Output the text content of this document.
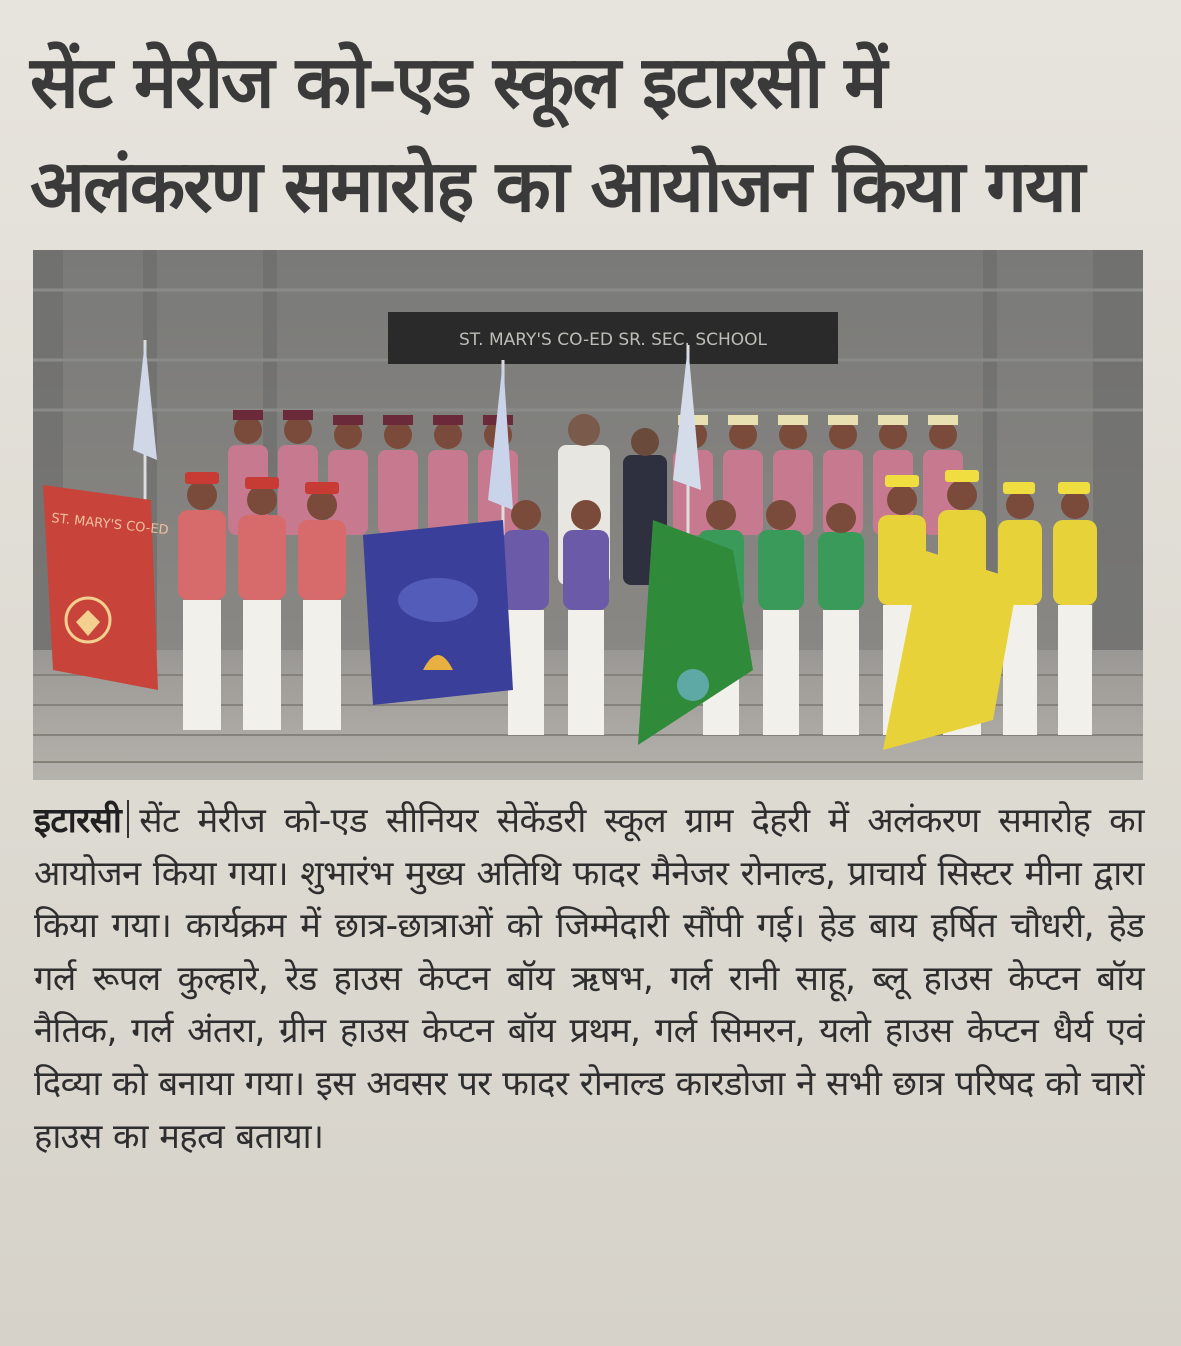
सेंट मेरीज को-एड स्कूल इटारसी में
अलंकरण समारोह का आयोजन किया गया
ST. MARY'S CO-ED SR. SEC. SCHOOL
ST. MARY'S CO-ED
इटारसी सेंट मेरीज को-एड सीनियर सेकेंडरी स्कूल ग्राम देहरी में अलंकरण समारोह का आयोजन किया गया। शुभारंभ मुख्य अतिथि फादर मैनेजर रोनाल्ड, प्राचार्य सिस्टर मीना द्वारा किया गया। कार्यक्रम में छात्र-छात्राओं को जिम्मेदारी सौंपी गई। हेड बाय हर्षित चौधरी, हेड गर्ल रूपल कुल्हारे, रेड हाउस केप्टन बॉय ऋषभ, गर्ल रानी साहू, ब्लू हाउस केप्टन बॉय नैतिक, गर्ल अंतरा, ग्रीन हाउस केप्टन बॉय प्रथम, गर्ल सिमरन, यलो हाउस केप्टन धैर्य एवं दिव्या को बनाया गया। इस अवसर पर फादर रोनाल्ड कारडोजा ने सभी छात्र परिषद को चारों हाउस का महत्व बताया।
